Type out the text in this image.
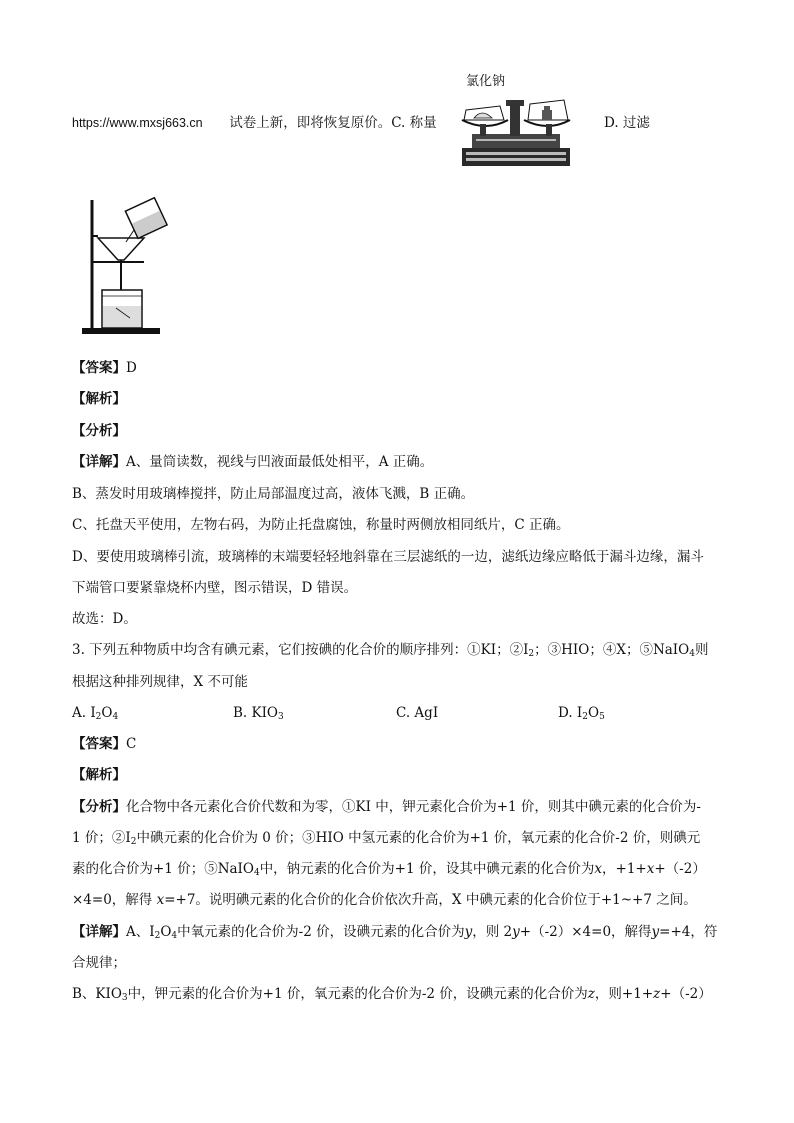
https://www.mxsj663.cn 试卷上新，即将恢复原价。C. 称量	D. 过滤
氯化钠
【答案】D
【解析】
【分析】
【详解】A、量筒读数，视线与凹液面最低处相平，A 正确。
B、蒸发时用玻璃棒搅拌，防止局部温度过高，液体飞溅，B 正确。
C、托盘天平使用，左物右码，为防止托盘腐蚀，称量时两侧放相同纸片，C 正确。
D、要使用玻璃棒引流，玻璃棒的末端要轻轻地斜靠在三层滤纸的一边，滤纸边缘应略低于漏斗边缘，漏斗
下端管口要紧靠烧杯内壁，图示错误，D 错误。
故选：D。
3. 下列五种物质中均含有碘元素，它们按碘的化合价的顺序排列：①KI；$②I_2$；③HIO；④X；⑤NaIO$_4$则
根据这种排列规律，X 不可能
A. $I_2O_4$	B. $KIO_3$	C. AgI	D. $I_2O_5$
【答案】C
【解析】
【分析】化合物中各元素化合价代数和为零，①KI 中，钾元素化合价为+1 价，则其中碘元素的化合价为-
1 价；$②I_2$中碘元素的化合价为 0 价；③HIO 中氢元素的化合价为+1 价，氧元素的化合价-2 价，则碘元
素的化合价为+1 价；⑤NaIO$_4$中，钠元素的化合价为+1 价，设其中碘元素的化合价为x，+1+x+（-2）
×4=0，解得 x=+7。说明碘元素的化合价的化合价依次升高，X 中碘元素的化合价位于+1~+7 之间。
【详解】A、$I_2O_4$中氧元素的化合价为-2 价，设碘元素的化合价为y，则 2y+（-2）×4=0，解得y=+4，符
合规律；
B、$KIO_3$中，钾元素的化合价为+1 价，氧元素的化合价为-2 价，设碘元素的化合价为z，则+1+z+（-2）
